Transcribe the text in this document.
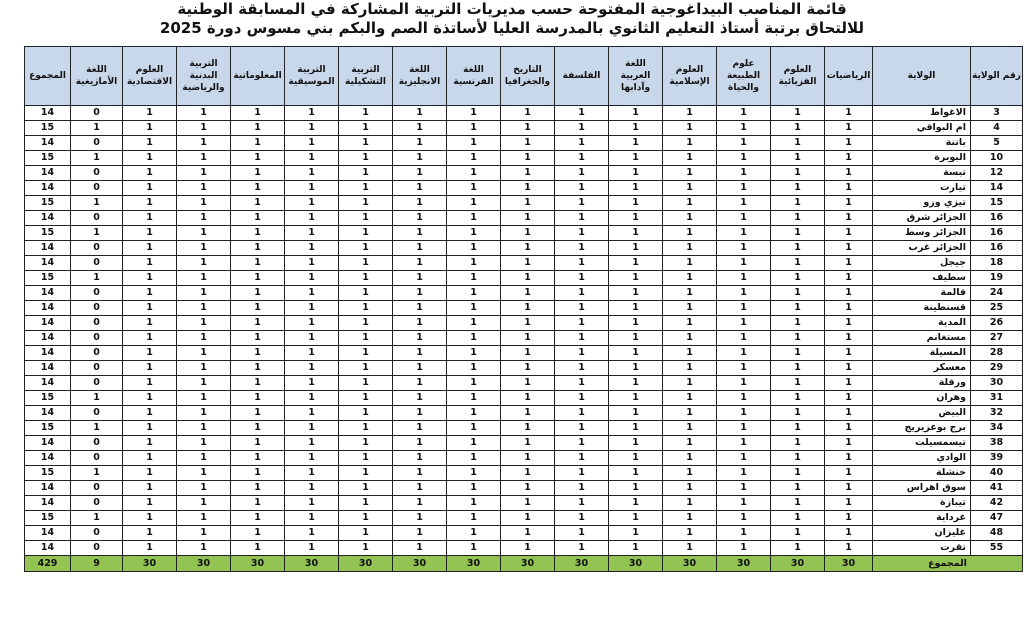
قائمة المناصب البيداغوجية المفتوحة حسب مديريات التربية المشاركة في المسابقة الوطنية
للالتحاق برتبة أستاذ التعليم الثانوي بالمدرسة العليا لأساتذة الصم والبكم بني مسوس دورة 2025
رقم الولاية	الولاية	الرياضيات	العلوم الفزيائية	علوم الطبيعة والحياة	العلوم الإسلامية	اللغة العربية وآدابها	الفلسفة	التاريخ والجغرافيا	اللغة الفرنسية	اللغة الانجليزية	التربية التشكيلية	التربية الموسيقية	المعلوماتية	التربية البدنية والرياضية	العلوم الاقتصادية	اللغة الأمازيغية	المجموع
3	الاغواط	1	1	1	1	1	1	1	1	1	1	1	1	1	1	0	14
4	ام البواقي	1	1	1	1	1	1	1	1	1	1	1	1	1	1	1	15
5	باتنة	1	1	1	1	1	1	1	1	1	1	1	1	1	1	0	14
10	البويرة	1	1	1	1	1	1	1	1	1	1	1	1	1	1	1	15
12	تبسة	1	1	1	1	1	1	1	1	1	1	1	1	1	1	0	14
14	تيارت	1	1	1	1	1	1	1	1	1	1	1	1	1	1	0	14
15	تيزي وزو	1	1	1	1	1	1	1	1	1	1	1	1	1	1	1	15
16	الجزائر شرق	1	1	1	1	1	1	1	1	1	1	1	1	1	1	0	14
16	الجزائر وسط	1	1	1	1	1	1	1	1	1	1	1	1	1	1	1	15
16	الجزائر غرب	1	1	1	1	1	1	1	1	1	1	1	1	1	1	0	14
18	جيجل	1	1	1	1	1	1	1	1	1	1	1	1	1	1	0	14
19	سطيف	1	1	1	1	1	1	1	1	1	1	1	1	1	1	1	15
24	قالمة	1	1	1	1	1	1	1	1	1	1	1	1	1	1	0	14
25	قسنطينة	1	1	1	1	1	1	1	1	1	1	1	1	1	1	0	14
26	المدية	1	1	1	1	1	1	1	1	1	1	1	1	1	1	0	14
27	مستغانم	1	1	1	1	1	1	1	1	1	1	1	1	1	1	0	14
28	المسيلة	1	1	1	1	1	1	1	1	1	1	1	1	1	1	0	14
29	معسكر	1	1	1	1	1	1	1	1	1	1	1	1	1	1	0	14
30	ورقلة	1	1	1	1	1	1	1	1	1	1	1	1	1	1	0	14
31	وهران	1	1	1	1	1	1	1	1	1	1	1	1	1	1	1	15
32	البيض	1	1	1	1	1	1	1	1	1	1	1	1	1	1	0	14
34	برج بوعريريج	1	1	1	1	1	1	1	1	1	1	1	1	1	1	1	15
38	تيسمسيلت	1	1	1	1	1	1	1	1	1	1	1	1	1	1	0	14
39	الوادي	1	1	1	1	1	1	1	1	1	1	1	1	1	1	0	14
40	خنشلة	1	1	1	1	1	1	1	1	1	1	1	1	1	1	1	15
41	سوق اهراس	1	1	1	1	1	1	1	1	1	1	1	1	1	1	0	14
42	تيبازة	1	1	1	1	1	1	1	1	1	1	1	1	1	1	0	14
47	غرداية	1	1	1	1	1	1	1	1	1	1	1	1	1	1	1	15
48	غليزان	1	1	1	1	1	1	1	1	1	1	1	1	1	1	0	14
55	تقرت	1	1	1	1	1	1	1	1	1	1	1	1	1	1	0	14
المجموع		30	30	30	30	30	30	30	30	30	30	30	30	30	30	9	429
